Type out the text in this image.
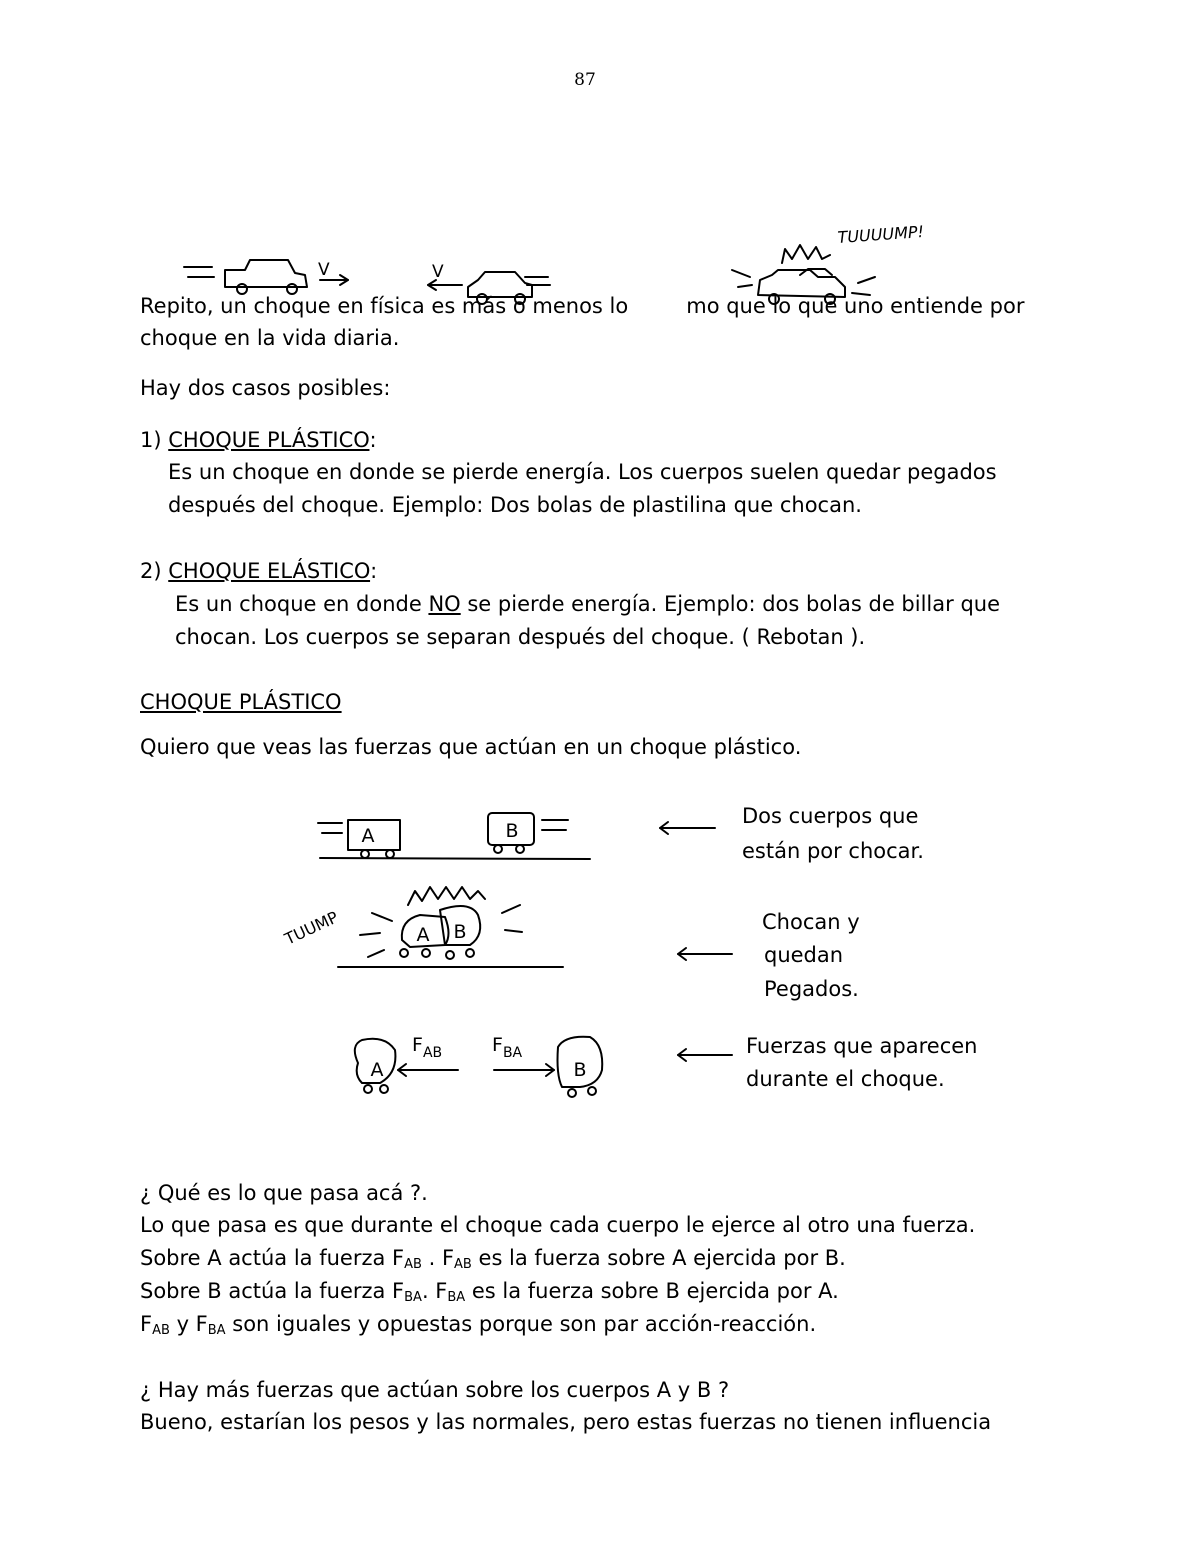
87
V	V
TUUUUMP!
Repito, un choque en física es más o menos lo	mo que lo que uno entiende por
choque en la vida diaria.
Hay dos casos posibles:
1) CHOQUE PLÁSTICO:
Es un choque en donde se pierde energía. Los cuerpos suelen quedar pegados
después del choque. Ejemplo: Dos bolas de plastilina que chocan.
2) CHOQUE ELÁSTICO:
Es un choque en donde NO se pierde energía. Ejemplo: dos bolas de billar que
chocan. Los cuerpos se separan después del choque. ( Rebotan ).
CHOQUE PLÁSTICO
Quiero que veas las fuerzas que actúan en un choque plástico.
A	B
A B
TUUMP
A	B
$F_{AB}$	$F_{BA}$
Dos cuerpos que
están por chocar.
Chocan y
quedan
Pegados.
Fuerzas que aparecen
durante el choque.
¿ Qué es lo que pasa acá ?.
Lo que pasa es que durante el choque cada cuerpo le ejerce al otro una fuerza.
Sobre A actúa la fuerza $F_{AB}$ . $F_{AB}$ es la fuerza sobre A ejercida por B.
Sobre B actúa la fuerza $F_{BA}$. $F_{BA}$ es la fuerza sobre B ejercida por A.
$F_{AB}$ y $F_{BA}$ son iguales y opuestas porque son par acción-reacción.
¿ Hay más fuerzas que actúan sobre los cuerpos A y B ?
Bueno, estarían los pesos y las normales, pero estas fuerzas no tienen influencia
